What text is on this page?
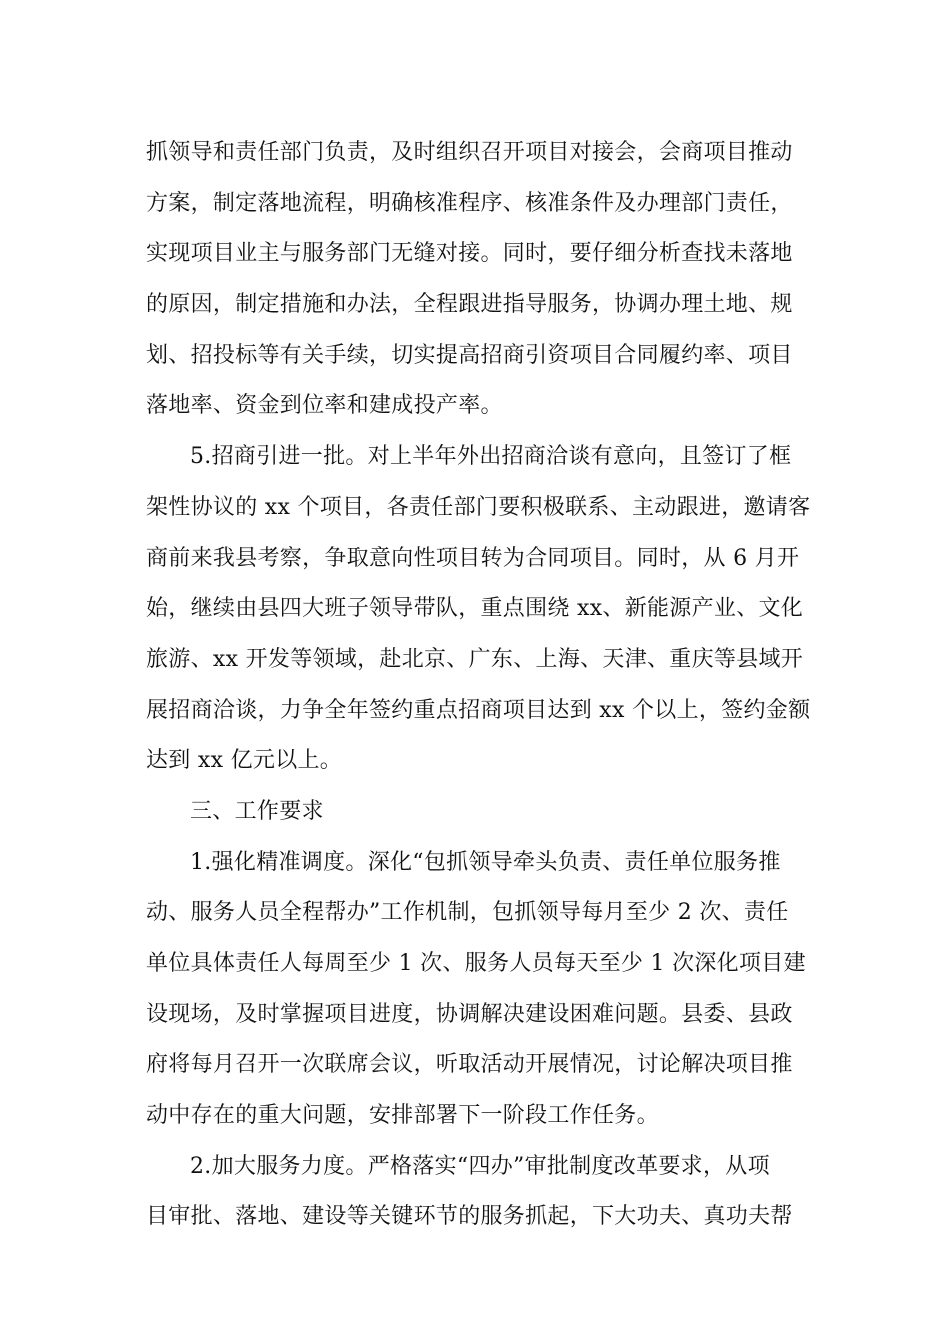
抓领导和责任部门负责，及时组织召开项目对接会，会商项目推动
方案，制定落地流程，明确核准程序、核准条件及办理部门责任，
实现项目业主与服务部门无缝对接。同时，要仔细分析查找未落地
的原因，制定措施和办法，全程跟进指导服务，协调办理土地、规
划、招投标等有关手续，切实提高招商引资项目合同履约率、项目
落地率、资金到位率和建成投产率。
5.招商引进一批。对上半年外出招商洽谈有意向，且签订了框
架性协议的 xx 个项目，各责任部门要积极联系、主动跟进，邀请客
商前来我县考察，争取意向性项目转为合同项目。同时，从 6 月开
始，继续由县四大班子领导带队，重点围绕 xx、新能源产业、文化
旅游、xx 开发等领域，赴北京、广东、上海、天津、重庆等县域开
展招商洽谈，力争全年签约重点招商项目达到 xx 个以上，签约金额
达到 xx 亿元以上。
三、工作要求
1.强化精准调度。深化“包抓领导牵头负责、责任单位服务推
动、服务人员全程帮办”工作机制，包抓领导每月至少 2 次、责任
单位具体责任人每周至少 1 次、服务人员每天至少 1 次深化项目建
设现场，及时掌握项目进度，协调解决建设困难问题。县委、县政
府将每月召开一次联席会议，听取活动开展情况，讨论解决项目推
动中存在的重大问题，安排部署下一阶段工作任务。
2.加大服务力度。严格落实“四办”审批制度改革要求，从项
目审批、落地、建设等关键环节的服务抓起，下大功夫、真功夫帮
